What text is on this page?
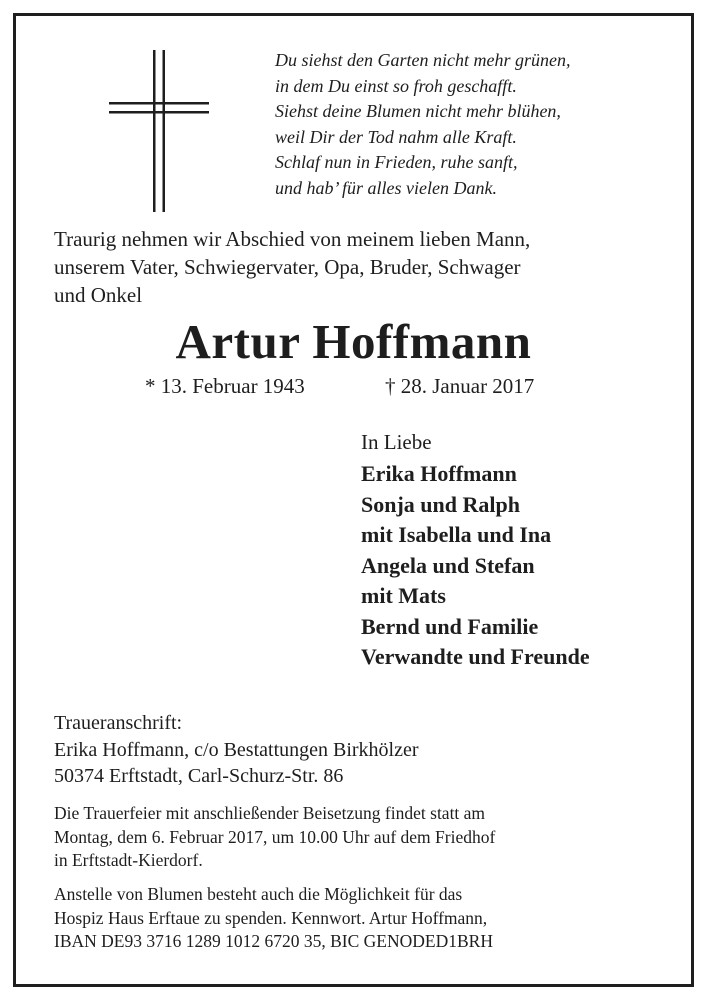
Du siehst den Garten nicht mehr grünen,
in dem Du einst so froh geschafft.
Siehst deine Blumen nicht mehr blühen,
weil Dir der Tod nahm alle Kraft.
Schlaf nun in Frieden, ruhe sanft,
und hab’ für alles vielen Dank.
Traurig nehmen wir Abschied von meinem lieben Mann,
unserem Vater, Schwiegervater, Opa, Bruder, Schwager
und Onkel
Artur Hoffmann
* 13. Februar 1943	† 28. Januar 2017
In Liebe
Erika Hoffmann
Sonja und Ralph
mit Isabella und Ina
Angela und Stefan
mit Mats
Bernd und Familie
Verwandte und Freunde
Traueranschrift:
Erika Hoffmann, c/o Bestattungen Birkhölzer
50374 Erftstadt, Carl-Schurz-Str. 86
Die Trauerfeier mit anschließender Beisetzung findet statt am
Montag, dem 6. Februar 2017, um 10.00 Uhr auf dem Friedhof
in Erftstadt-Kierdorf.
Anstelle von Blumen besteht auch die Möglichkeit für das
Hospiz Haus Erftaue zu spenden. Kennwort. Artur Hoffmann,
IBAN DE93 3716 1289 1012 6720 35, BIC GENODED1BRH
